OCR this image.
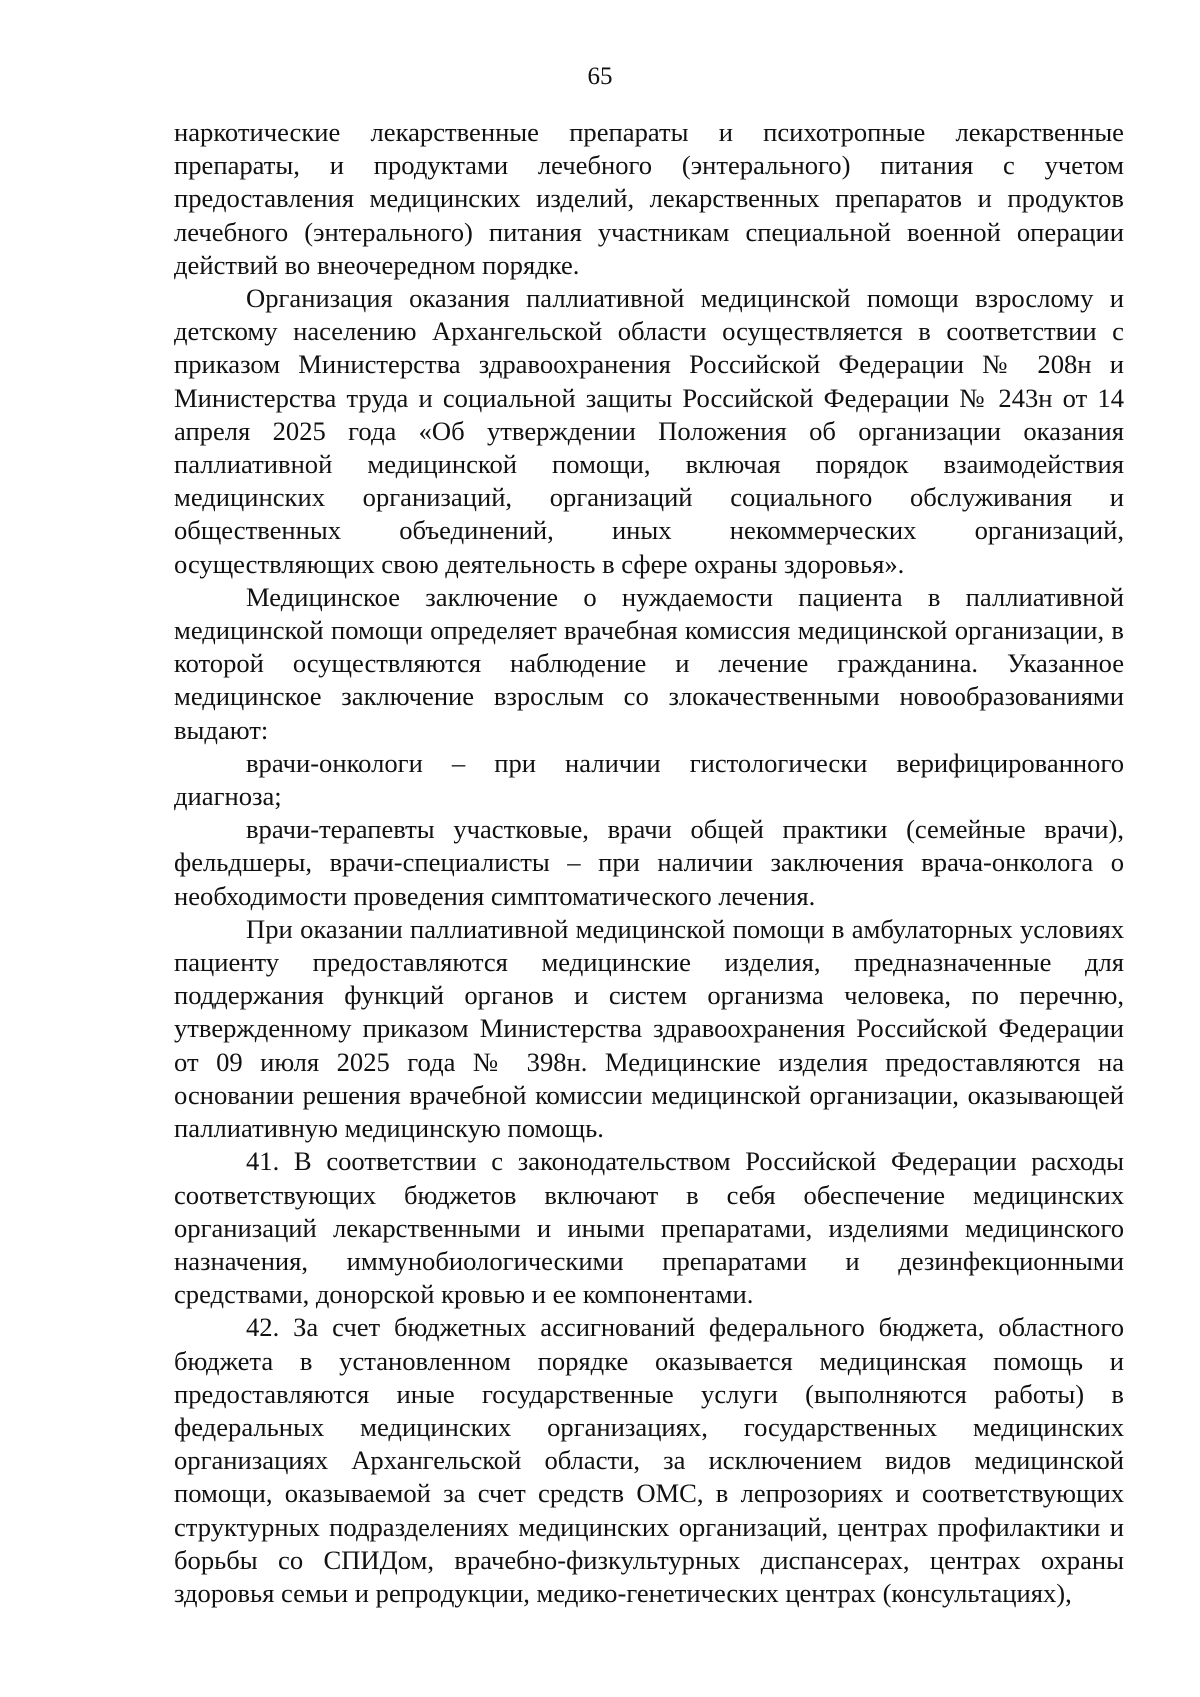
65

наркотические лекарственные препараты и психотропные лекарственные препараты, и продуктами лечебного (энтерального) питания с учетом предоставления медицинских изделий, лекарственных препаратов и продуктов лечебного (энтерального) питания участникам специальной военной операции действий во внеочередном порядке.

Организация оказания паллиативной медицинской помощи взрослому и детскому населению Архангельской области осуществляется в соответствии с приказом Министерства здравоохранения Российской Федерации № 208н и Министерства труда и социальной защиты Российской Федерации № 243н от 14 апреля 2025 года «Об утверждении Положения об организации оказания паллиативной медицинской помощи, включая порядок взаимодействия медицинских организаций, организаций социального обслуживания и общественных объединений, иных некоммерческих организаций, осуществляющих свою деятельность в сфере охраны здоровья».

Медицинское заключение о нуждаемости пациента в паллиативной медицинской помощи определяет врачебная комиссия медицинской организации, в которой осуществляются наблюдение и лечение гражданина. Указанное медицинское заключение взрослым со злокачественными новообразованиями выдают:

врачи-онкологи – при наличии гистологически верифицированного диагноза;

врачи-терапевты участковые, врачи общей практики (семейные врачи), фельдшеры, врачи-специалисты – при наличии заключения врача-онколога о необходимости проведения симптоматического лечения.

При оказании паллиативной медицинской помощи в амбулаторных условиях пациенту предоставляются медицинские изделия, предназначенные для поддержания функций органов и систем организма человека, по перечню, утвержденному приказом Министерства здравоохранения Российской Федерации от 09 июля 2025 года № 398н. Медицинские изделия предоставляются на основании решения врачебной комиссии медицинской организации, оказывающей паллиативную медицинскую помощь.

41. В соответствии с законодательством Российской Федерации расходы соответствующих бюджетов включают в себя обеспечение медицинских организаций лекарственными и иными препаратами, изделиями медицинского назначения, иммунобиологическими препаратами и дезинфекционными средствами, донорской кровью и ее компонентами.

42. За счет бюджетных ассигнований федерального бюджета, областного бюджета в установленном порядке оказывается медицинская помощь и предоставляются иные государственные услуги (выполняются работы) в федеральных медицинских организациях, государственных медицинских организациях Архангельской области, за исключением видов медицинской помощи, оказываемой за счет средств ОМС, в лепрозориях и соответствующих структурных подразделениях медицинских организаций, центрах профилактики и борьбы со СПИДом, врачебно-физкультурных диспансерах, центрах охраны здоровья семьи и репродукции, медико-генетических центрах (консультациях),
